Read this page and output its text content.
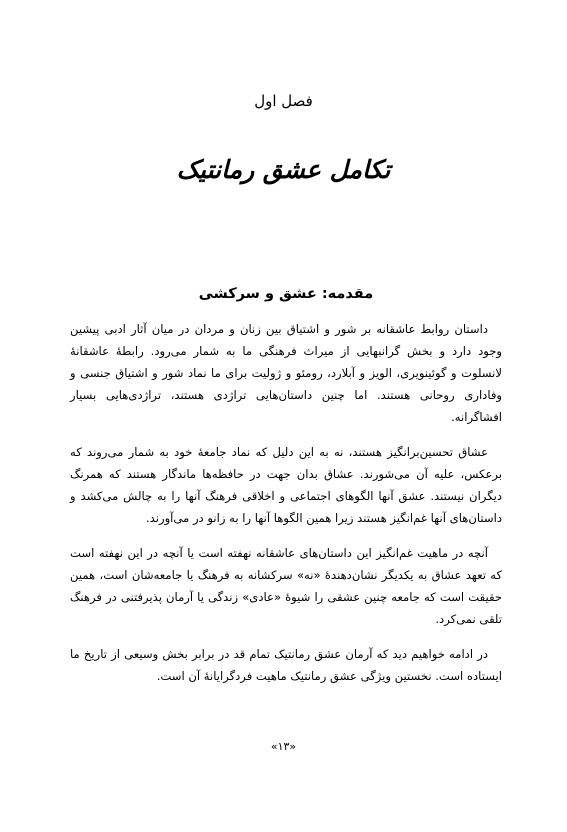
فصل اول
تکامل عشق رمانتیک
مقدمه: عشق و سرکشی

داستان روابط عاشقانه بر شور و اشتیاق بین زنان و مردان در میان آثار ادبی پیشین وجود دارد و بخش گرانبهایی از میراث فرهنگی ما به شمار می‌رود. رابطهٔ عاشقانهٔ لانسلوت و گوئینویری، الویز و آبلارد، رومئو و ژولیت برای ما نماد شور و اشتیاق جنسی و وفاداری روحانی هستند. اما چنین داستان‌هایی تراژدی هستند، تراژدی‌هایی بسیار افشاگرانه.

عشاق تحسین‌برانگیز هستند، نه به این دلیل که نماد جامعهٔ خود به شمار می‌روند که برعکس، علیه آن می‌شورند. عشاق بدان جهت در حافظه‌ها ماندگار هستند که همرنگ دیگران نیستند. عشق آنها الگوهای اجتماعی و اخلاقی فرهنگ آنها را به چالش می‌کشد و داستان‌های آنها غم‌انگیز هستند زیرا همین الگوها آنها را به زانو در می‌آورند.

آنچه در ماهیت غم‌انگیز این داستان‌های عاشقانه نهفته است یا آنچه در این نهفته است که تعهد عشاق به یکدیگر نشان‌دهندهٔ «نه» سرکشانه به فرهنگ یا جامعه‌شان است، همین حقیقت است که جامعه چنین عشقی را شیوهٔ «عادی» زندگی یا آرمان پذیرفتنی در فرهنگ تلقی نمی‌کرد.

در ادامه خواهیم دید که آرمان عشق رمانتیک تمام قد در برابر بخش وسیعی از تاریخ ما ایستاده است. نخستین ویژگی عشق رمانتیک ماهیت فردگرایانهٔ آن است.

«۱۳»
